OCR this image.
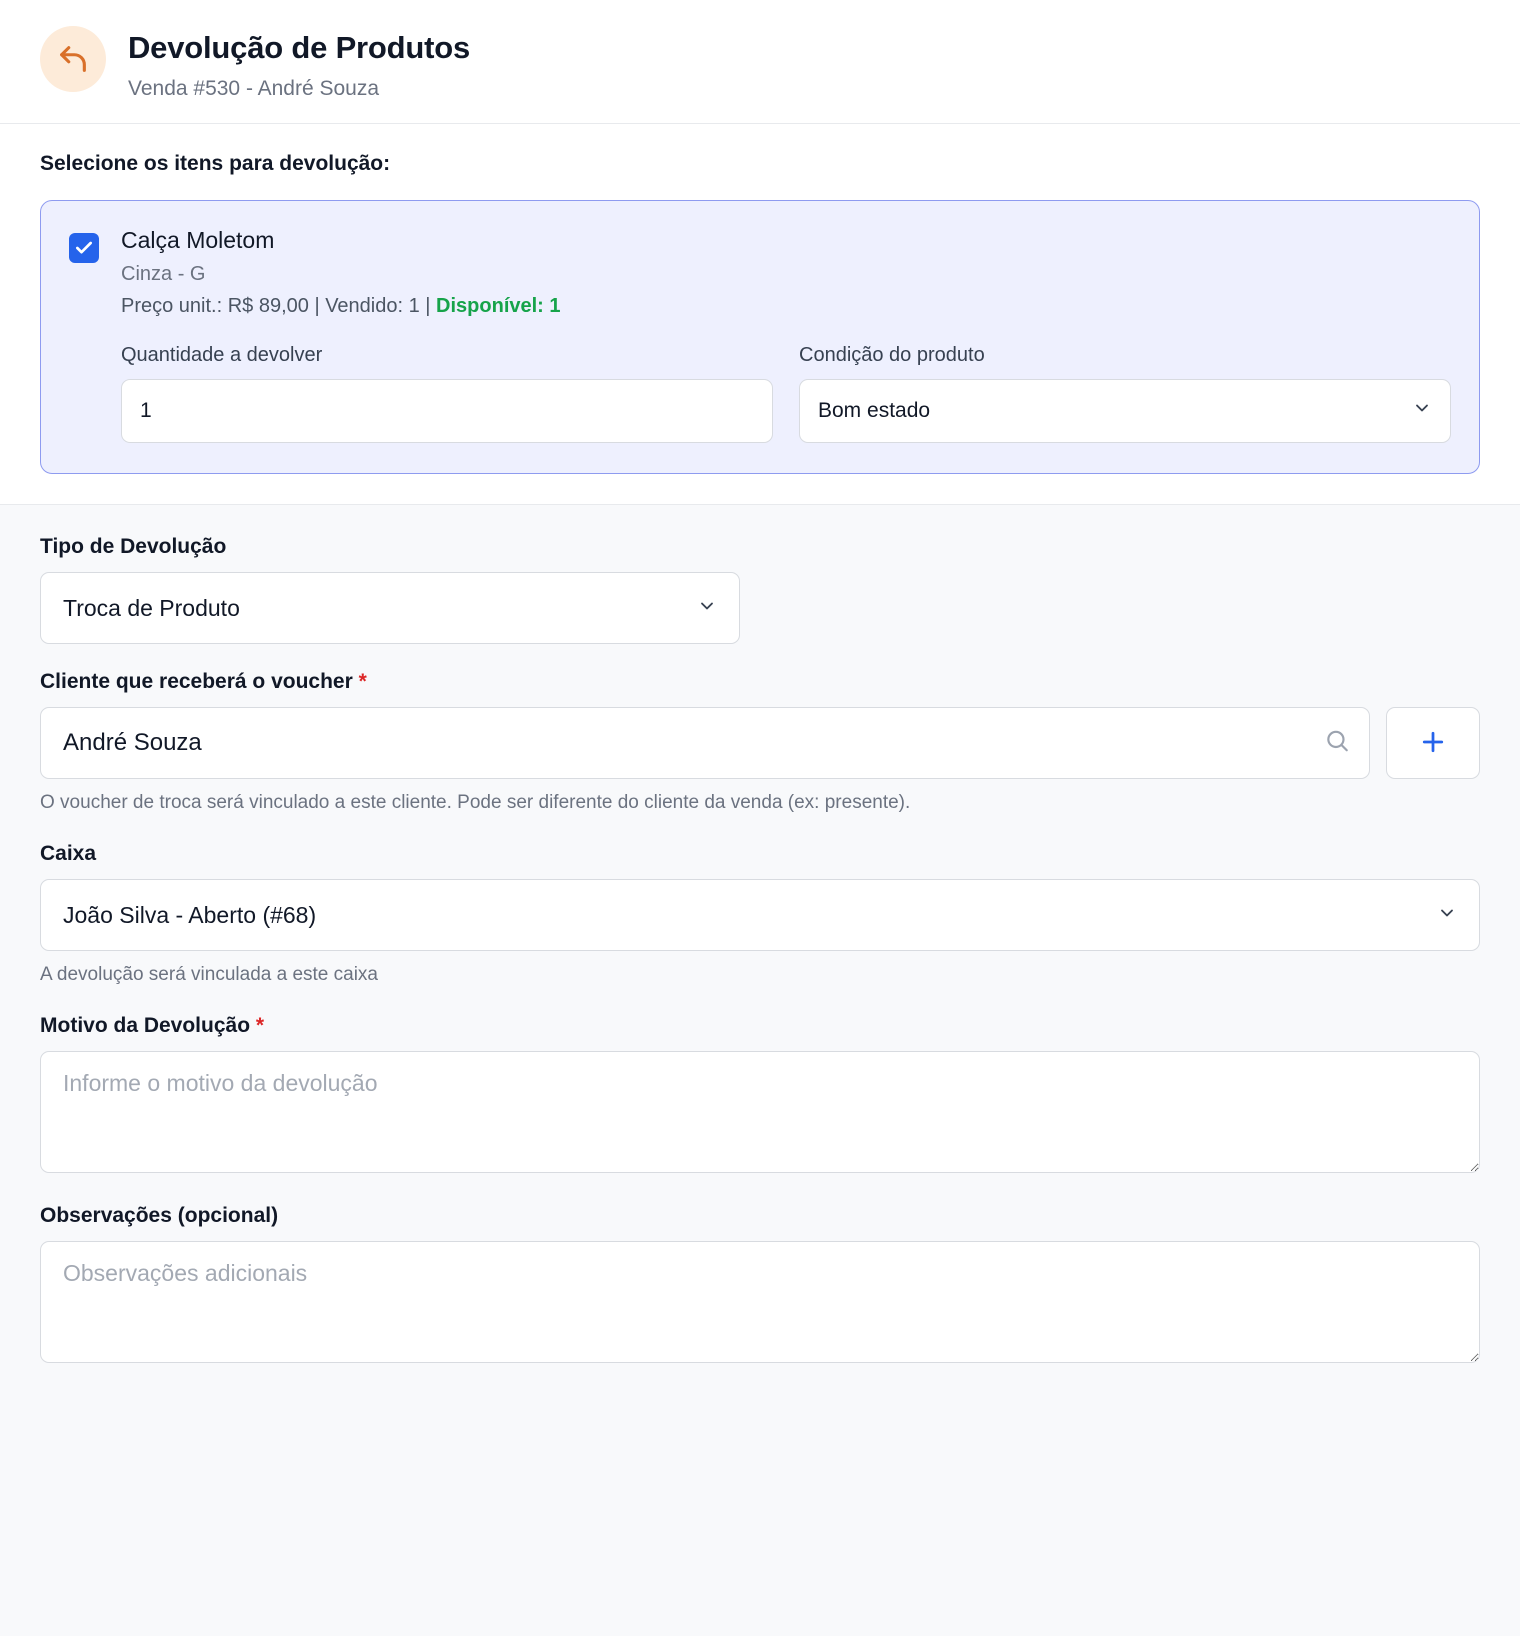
Devolução de Produtos
Venda #530 - André Souza
Selecione os itens para devolução:
Calça Moletom
Cinza - G
Preço unit.: R$ 89,00 | Vendido: 1 | Disponível: 1
Quantidade a devolver
1	Condição do produto
Bom estado
Tipo de Devolução
Troca de Produto
Cliente que receberá o voucher *
André Souza
O voucher de troca será vinculado a este cliente. Pode ser diferente do cliente da venda (ex: presente).
Caixa
João Silva - Aberto (#68)
A devolução será vinculada a este caixa
Motivo da Devolução *
Informe o motivo da devolução
Observações (opcional)
Observações adicionais
